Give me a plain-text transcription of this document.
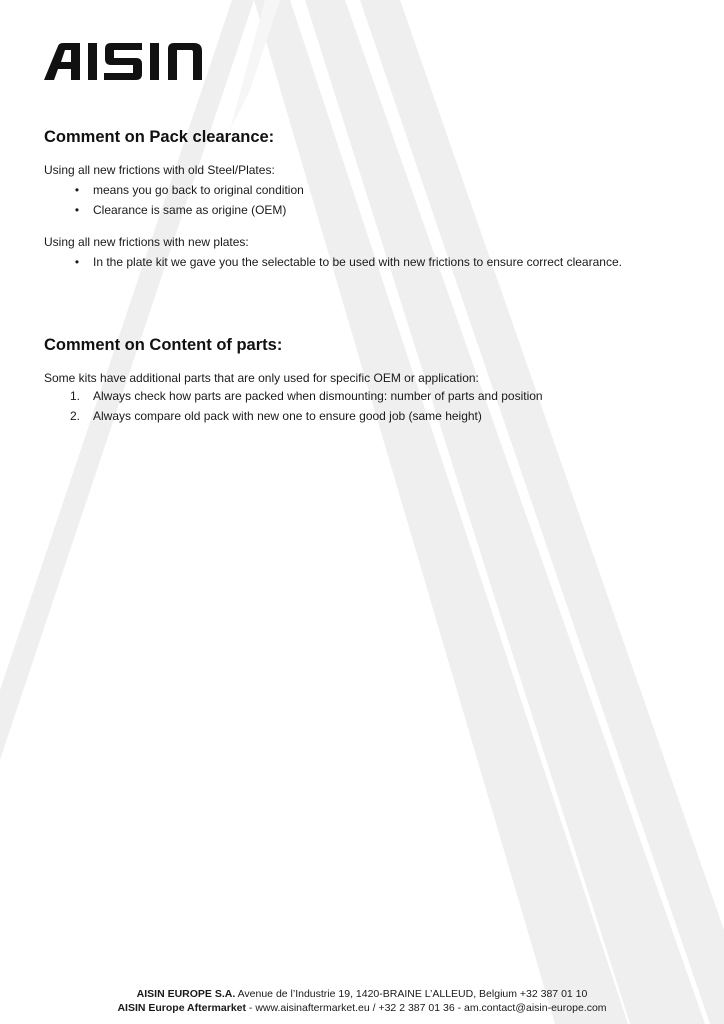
Comment on Pack clearance:

Using all new frictions with old Steel/Plates:

• means you go back to original condition
• Clearance is same as origine (OEM)

Using all new frictions with new plates:

• In the plate kit we gave you the selectable to be used with new frictions to ensure correct clearance.
Comment on Content of parts:

Some kits have additional parts that are only used for specific OEM or application:

1. Always check how parts are packed when dismounting: number of parts and position
2. Always compare old pack with new one to ensure good job (same height)
AISIN EUROPE S.A. Avenue de l’Industrie 19, 1420-BRAINE L’ALLEUD, Belgium +32 387 01 10
AISIN Europe Aftermarket - www.aisinaftermarket.eu / +32 2 387 01 36 - am.contact@aisin-europe.com
